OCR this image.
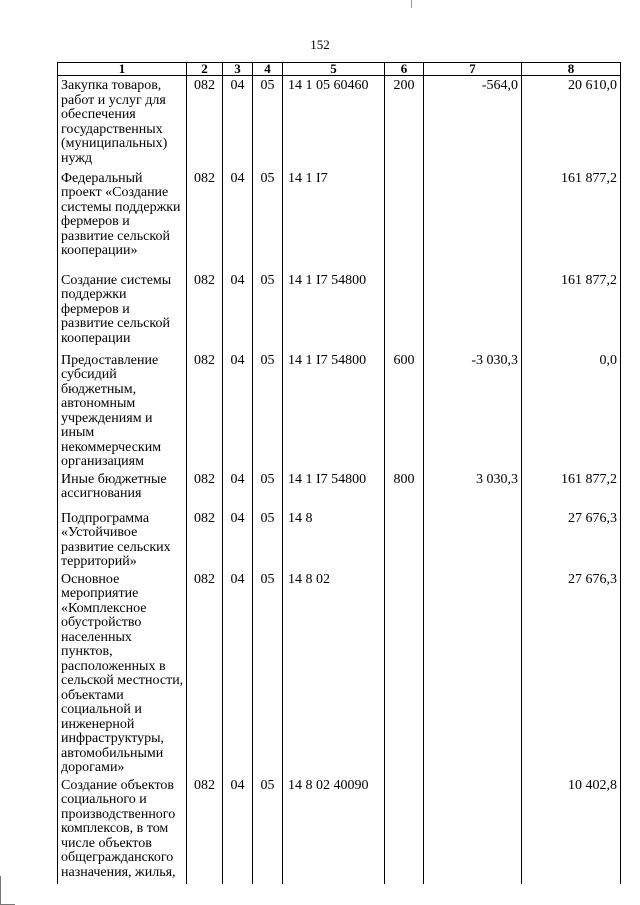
152
1	2	3	4	5	6	7	8
Закупка товаров, работ и услуг для обеспечения государственных (муниципальных) нужд	082	04	05	14 1 05 60460	200	-564,0	20 610,0
Федеральный проект «Создание системы поддержки фермеров и развитие сельской кооперации»	082	04	05	14 1 I7			161 877,2
Создание системы поддержки фермеров и развитие сельской кооперации	082	04	05	14 1 I7 54800			161 877,2
Предоставление субсидий бюджетным, автономным учреждениям и иным некоммерческим организациям	082	04	05	14 1 I7 54800	600	-3 030,3	0,0
Иные бюджетные ассигнования	082	04	05	14 1 I7 54800	800	3 030,3	161 877,2
Подпрограмма «Устойчивое развитие сельских территорий»	082	04	05	14 8			27 676,3
Основное мероприятие «Комплексное обустройство населенных пунктов, расположенных в сельской местности, объектами социальной и инженерной инфраструктуры, автомобильными дорогами»	082	04	05	14 8 02			27 676,3
Создание объектов социального и производственного комплексов, в том числе объектов общегражданского назначения, жилья,	082	04	05	14 8 02 40090			10 402,8
